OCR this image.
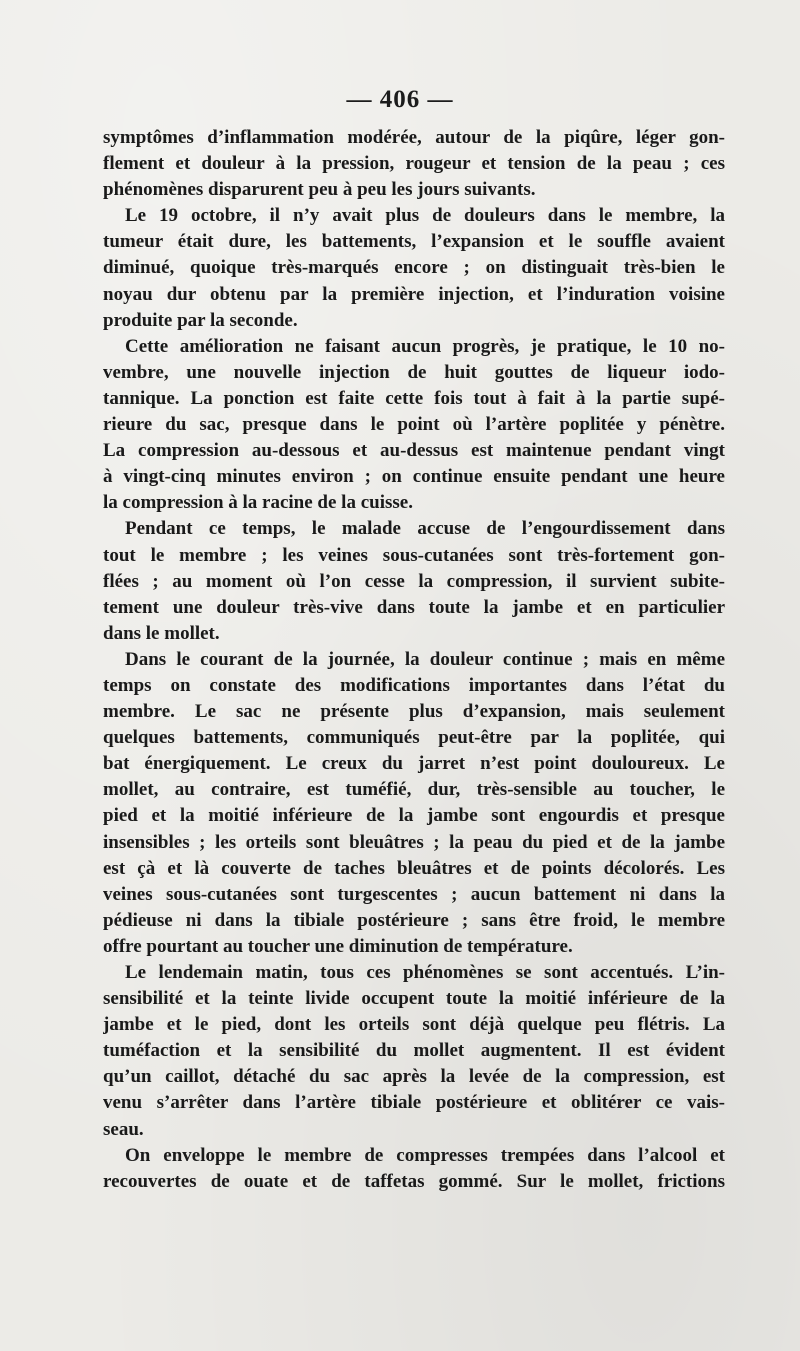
— 406 —
symptômes d’inflammation modérée, autour de la piqûre, léger gon-
flement et douleur à la pression, rougeur et tension de la peau ; ces
phénomènes disparurent peu à peu les jours suivants.
Le 19 octobre, il n’y avait plus de douleurs dans le membre, la
tumeur était dure, les battements, l’expansion et le souffle avaient
diminué, quoique très-marqués encore ; on distinguait très-bien le
noyau dur obtenu par la première injection, et l’induration voisine
produite par la seconde.
Cette amélioration ne faisant aucun progrès, je pratique, le 10 no-
vembre, une nouvelle injection de huit gouttes de liqueur iodo-
tannique. La ponction est faite cette fois tout à fait à la partie supé-
rieure du sac, presque dans le point où l’artère poplitée y pénètre.
La compression au-dessous et au-dessus est maintenue pendant vingt
à vingt-cinq minutes environ ; on continue ensuite pendant une heure
la compression à la racine de la cuisse.
Pendant ce temps, le malade accuse de l’engourdissement dans
tout le membre ; les veines sous-cutanées sont très-fortement gon-
flées ; au moment où l’on cesse la compression, il survient subite-
tement une douleur très-vive dans toute la jambe et en particulier
dans le mollet.
Dans le courant de la journée, la douleur continue ; mais en même
temps on constate des modifications importantes dans l’état du
membre. Le sac ne présente plus d’expansion, mais seulement
quelques battements, communiqués peut-être par la poplitée, qui
bat énergiquement. Le creux du jarret n’est point douloureux. Le
mollet, au contraire, est tuméfié, dur, très-sensible au toucher, le
pied et la moitié inférieure de la jambe sont engourdis et presque
insensibles ; les orteils sont bleuâtres ; la peau du pied et de la jambe
est çà et là couverte de taches bleuâtres et de points décolorés. Les
veines sous-cutanées sont turgescentes ; aucun battement ni dans la
pédieuse ni dans la tibiale postérieure ; sans être froid, le membre
offre pourtant au toucher une diminution de température.
Le lendemain matin, tous ces phénomènes se sont accentués. L’in-
sensibilité et la teinte livide occupent toute la moitié inférieure de la
jambe et le pied, dont les orteils sont déjà quelque peu flétris. La
tuméfaction et la sensibilité du mollet augmentent. Il est évident
qu’un caillot, détaché du sac après la levée de la compression, est
venu s’arrêter dans l’artère tibiale postérieure et oblitérer ce vais-
seau.
On enveloppe le membre de compresses trempées dans l’alcool et
recouvertes de ouate et de taffetas gommé. Sur le mollet, frictions
